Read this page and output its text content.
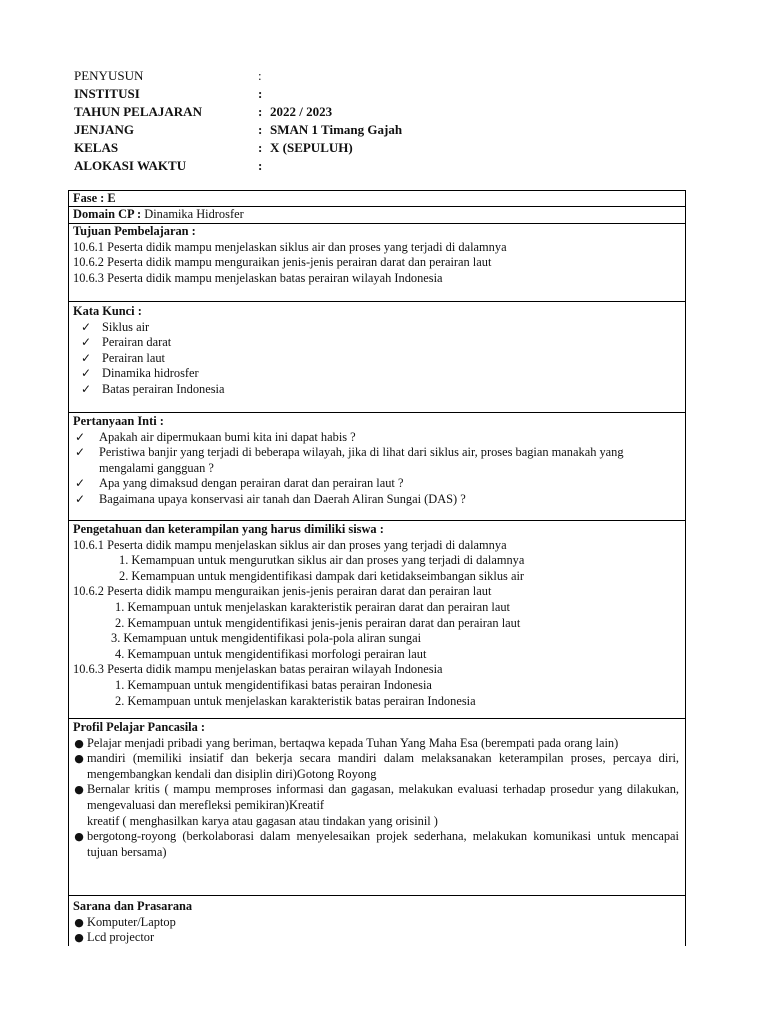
PENYUSUN	:
INSTITUSI	:
TAHUN PELAJARAN	: 2022 / 2023
JENJANG	: SMAN 1 Timang Gajah
KELAS	: X (SEPULUH)
ALOKASI WAKTU	:
Fase : E
Domain CP : Dinamika Hidrosfer
Tujuan Pembelajaran :
10.6.1 Peserta didik mampu menjelaskan siklus air dan proses yang terjadi di dalamnya
10.6.2 Peserta didik mampu menguraikan jenis-jenis perairan darat dan perairan laut
10.6.3 Peserta didik mampu menjelaskan batas perairan wilayah Indonesia
Kata Kunci :
✓ Siklus air
✓ Perairan darat
✓ Perairan laut
✓ Dinamika hidrosfer
✓ Batas perairan Indonesia
Pertanyaan Inti :
✓	Apakah air dipermukaan bumi kita ini dapat habis ?
✓	Peristiwa banjir yang terjadi di beberapa wilayah, jika di lihat dari siklus air, proses bagian manakah yang mengalami gangguan ?
✓	Apa yang dimaksud dengan perairan darat dan perairan laut ?
✓	Bagaimana upaya konservasi air tanah dan Daerah Aliran Sungai (DAS) ?
Pengetahuan dan keterampilan yang harus dimiliki siswa :
10.6.1 Peserta didik mampu menjelaskan siklus air dan proses yang terjadi di dalamnya
1. Kemampuan untuk mengurutkan siklus air dan proses yang terjadi di dalamnya
2. Kemampuan untuk mengidentifikasi dampak dari ketidakseimbangan siklus air
10.6.2 Peserta didik mampu menguraikan jenis-jenis perairan darat dan perairan laut
1. Kemampuan untuk menjelaskan karakteristik perairan darat dan perairan laut
2. Kemampuan untuk mengidentifikasi jenis-jenis perairan darat dan perairan laut
3. Kemampuan untuk mengidentifikasi pola-pola aliran sungai
4. Kemampuan untuk mengidentifikasi morfologi perairan laut
10.6.3 Peserta didik mampu menjelaskan batas perairan wilayah Indonesia
1. Kemampuan untuk mengidentifikasi batas perairan Indonesia
2. Kemampuan untuk menjelaskan karakteristik batas perairan Indonesia
Profil Pelajar Pancasila :
● Pelajar menjadi pribadi yang beriman, bertaqwa kepada Tuhan Yang Maha Esa (berempati pada orang lain)
● mandiri (memiliki insiatif dan bekerja secara mandiri dalam melaksanakan keterampilan proses, percaya diri, mengembangkan kendali dan disiplin diri)Gotong Royong
● Bernalar kritis ( mampu memproses informasi dan gagasan, melakukan evaluasi terhadap prosedur yang dilakukan, mengevaluasi dan merefleksi pemikiran)Kreatif
kreatif ( menghasilkan karya atau gagasan atau tindakan yang orisinil )
● bergotong-royong (berkolaborasi dalam menyelesaikan projek sederhana, melakukan komunikasi untuk mencapai tujuan bersama)
Sarana dan Prasarana
● Komputer/Laptop
● Lcd projector
